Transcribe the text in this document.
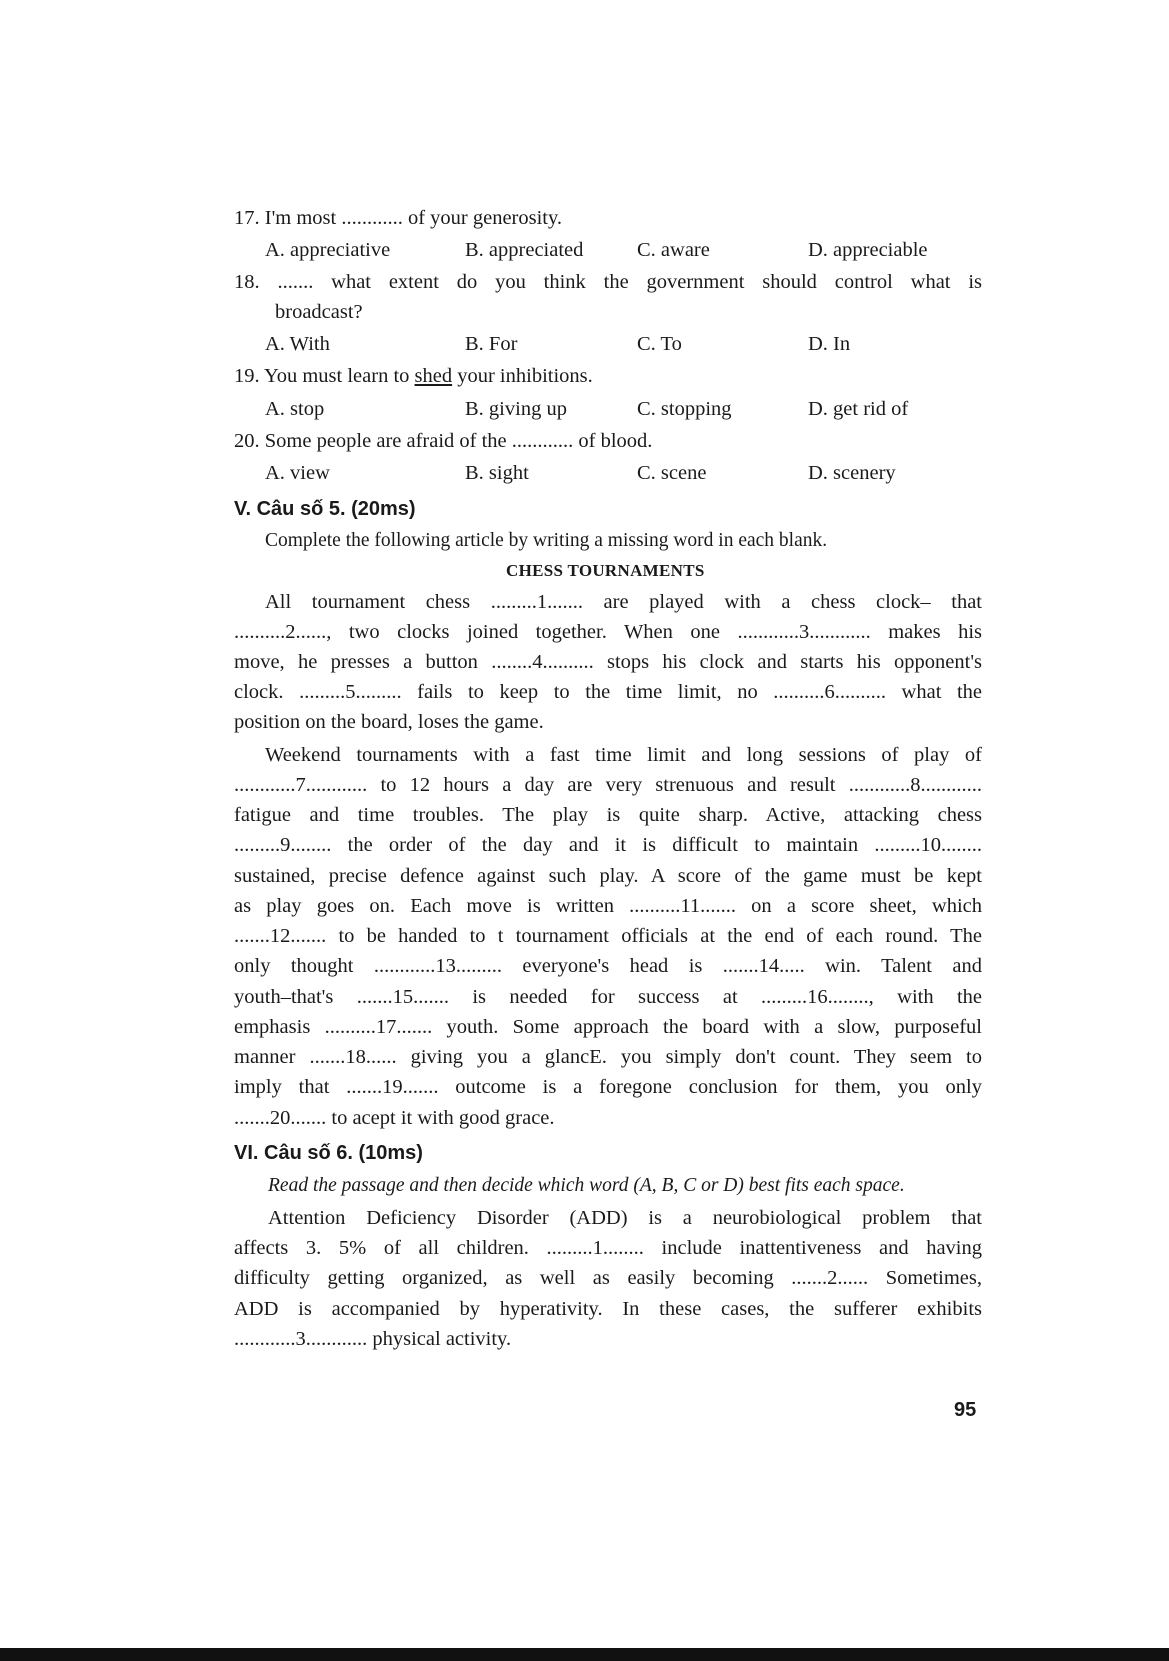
17. I'm most ............ of your generosity.
A. appreciative	B. appreciated	C. aware	D. appreciable
18. ....... what extent do you think the government should control what is
broadcast?
A. With	B. For	C. To	D. In
19. You must learn to shed your inhibitions.
A. stop	B. giving up	C. stopping	D. get rid of
20. Some people are afraid of the ............ of blood.
A. view	B. sight	C. scene	D. scenery
V. Câu số 5. (20ms)
Complete the following article by writing a missing word in each blank.
CHESS TOURNAMENTS
All tournament chess .........1....... are played with a chess clock– that
..........2......, two clocks joined together. When one ............3............ makes his
move, he presses a button ........4.......... stops his clock and starts his opponent's
clock. .........5......... fails to keep to the time limit, no ..........6.......... what the
position on the board, loses the game.
Weekend tournaments with a fast time limit and long sessions of play of
............7............ to 12 hours a day are very strenuous and result ............8............
fatigue and time troubles. The play is quite sharp. Active, attacking chess
.........9........ the order of the day and it is difficult to maintain .........10........
sustained, precise defence against such play. A score of the game must be kept
as play goes on. Each move is written ..........11....... on a score sheet, which
.......12....... to be handed to t tournament officials at the end of each round. The
only thought ............13......... everyone's head is .......14..... win. Talent and
youth–that's .......15....... is needed for success at .........16........, with the
emphasis ..........17....... youth. Some approach the board with a slow, purposeful
manner .......18...... giving you a glancE. you simply don't count. They seem to
imply that .......19....... outcome is a foregone conclusion for them, you only
.......20....... to acept it with good grace.
VI. Câu số 6. (10ms)
Read the passage and then decide which word (A, B, C or D) best fits each space.
Attention Deficiency Disorder (ADD) is a neurobiological problem that
affects 3. 5% of all children. .........1........ include inattentiveness and having
difficulty getting organized, as well as easily becoming .......2...... Sometimes,
ADD is accompanied by hyperativity. In these cases, the sufferer exhibits
............3............ physical activity.
95
